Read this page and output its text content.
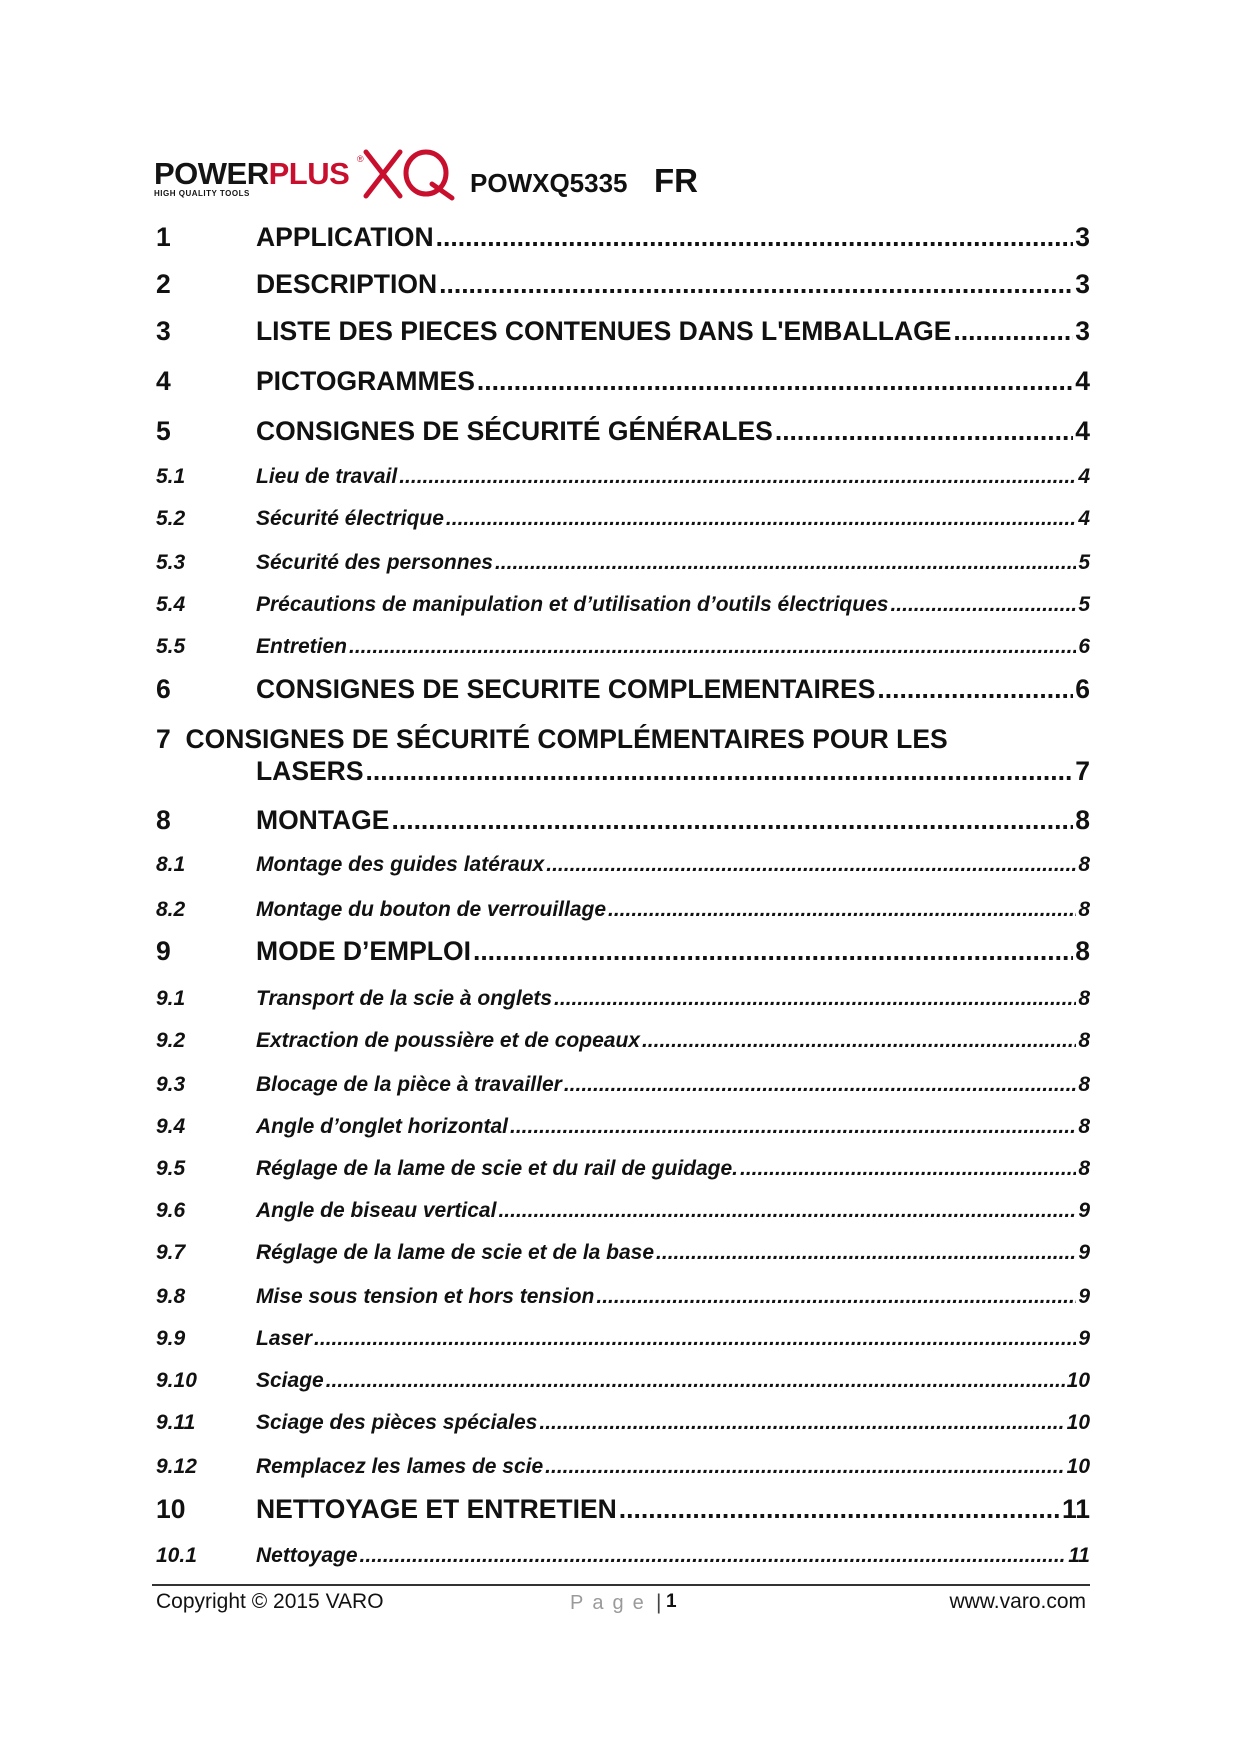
POWERPLUS ®
HIGH QUALITY TOOLS	POWXQ5335 FR
1	APPLICATION .....	3
2	DESCRIPTION .....	3
3	LISTE DES PIECES CONTENUES DANS L'EMBALLAGE .....	3
4	PICTOGRAMMES .....	4
5	CONSIGNES DE SÉCURITÉ GÉNÉRALES .....	4
5.1	Lieu de travail .....	4
5.2	Sécurité électrique .....	4
5.3	Sécurité des personnes .....	5
5.4	Précautions de manipulation et d’utilisation d’outils électriques .....	5
5.5	Entretien .....	6
6	CONSIGNES DE SECURITE COMPLEMENTAIRES .....	6
7 CONSIGNES DE SÉCURITÉ COMPLÉMENTAIRES POUR LES
LASERS .....	7
8	MONTAGE .....	8
8.1	Montage des guides latéraux .....	8
8.2	Montage du bouton de verrouillage .....	8
9	MODE D’EMPLOI .....	8
9.1	Transport de la scie à onglets .....	8
9.2	Extraction de poussière et de copeaux .....	8
9.3	Blocage de la pièce à travailler .....	8
9.4	Angle d’onglet horizontal .....	8
9.5	Réglage de la lame de scie et du rail de guidage. .....	8
9.6	Angle de biseau vertical .....	9
9.7	Réglage de la lame de scie et de la base .....	9
9.8	Mise sous tension et hors tension .....	9
9.9	Laser .....	9
9.10	Sciage .....	10
9.11	Sciage des pièces spéciales .....	10
9.12	Remplacez les lames de scie .....	10
10	NETTOYAGE ET ENTRETIEN .....	11
10.1	Nettoyage .....	11
Copyright © 2015 VARO	Page | 1	www.varo.com
